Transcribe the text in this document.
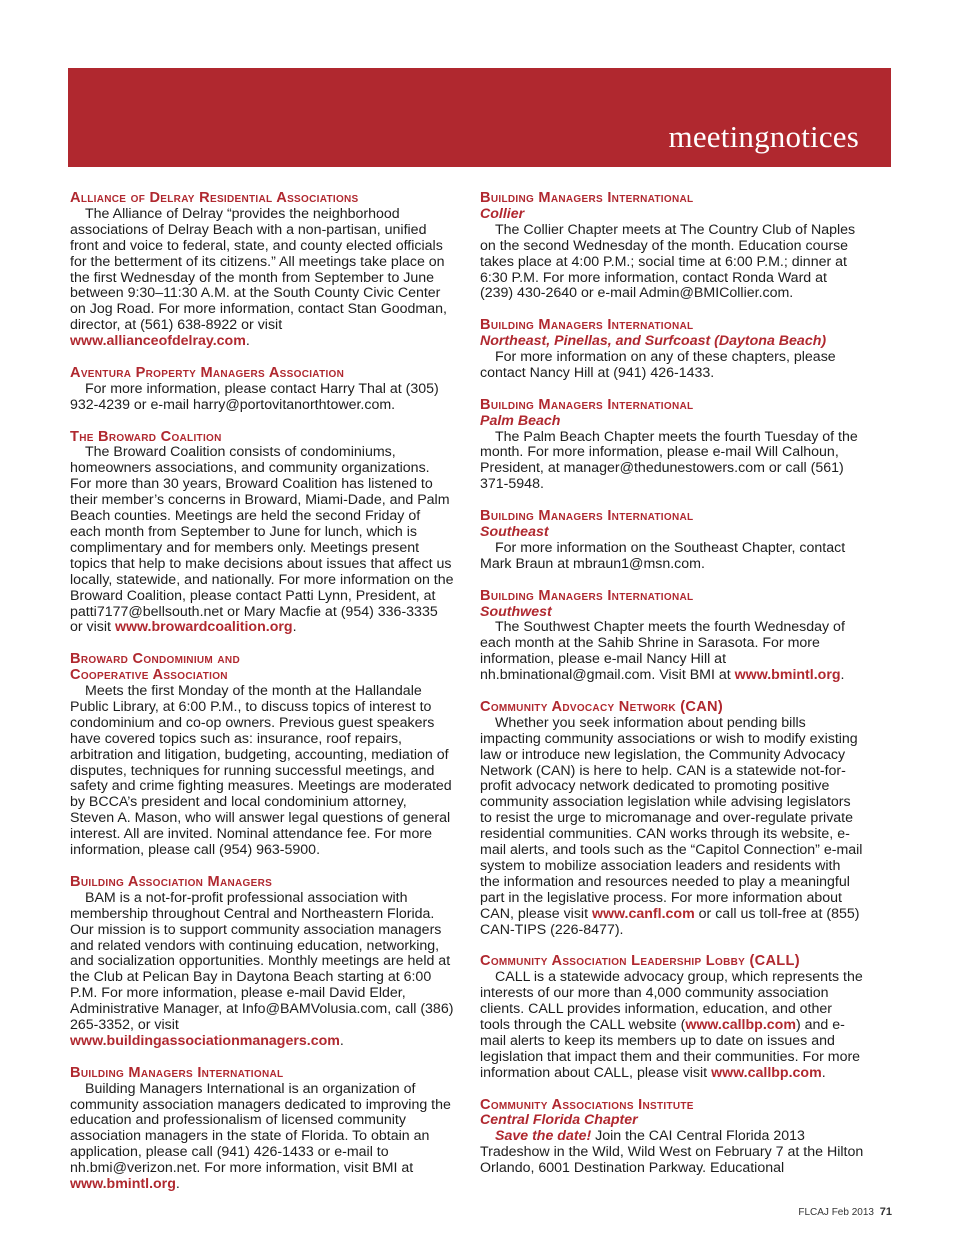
meetingnotices
Alliance of Delray Residential Associations
The Alliance of Delray “provides the neighborhood associations of Delray Beach with a non-partisan, unified front and voice to federal, state, and county elected officials for the betterment of its citizens.” All meetings take place on the first Wednesday of the month from September to June between 9:30–11:30 A.M. at the South County Civic Center on Jog Road. For more information, contact Stan Goodman, director, at (561) 638-8922 or visit www.allianceofdelray.com.
Aventura Property Managers Association
For more information, please contact Harry Thal at (305) 932-4239 or e-mail harry@portovitanorthtower.com.
The Broward Coalition
The Broward Coalition consists of condominiums, homeowners associations, and community organizations. For more than 30 years, Broward Coalition has listened to their member’s concerns in Broward, Miami-Dade, and Palm Beach counties. Meetings are held the second Friday of each month from September to June for lunch, which is complimentary and for members only. Meetings present topics that help to make decisions about issues that affect us locally, statewide, and nationally. For more information on the Broward Coalition, please contact Patti Lynn, President, at patti7177@bellsouth.net or Mary Macfie at (954) 336-3335 or visit www.browardcoalition.org.
Broward Condominium and
Cooperative Association
Meets the first Monday of the month at the Hallandale Public Library, at 6:00 P.M., to discuss topics of interest to condominium and co-op owners. Previous guest speakers have covered topics such as: insurance, roof repairs, arbitration and litigation, budgeting, accounting, mediation of disputes, techniques for running successful meetings, and safety and crime fighting measures. Meetings are moderated by BCCA’s president and local condominium attorney, Steven A. Mason, who will answer legal questions of general interest. All are invited. Nominal attendance fee. For more information, please call (954) 963-5900.
Building Association Managers
BAM is a not-for-profit professional association with membership throughout Central and Northeastern Florida. Our mission is to support community association managers and related vendors with continuing education, networking, and socialization opportunities. Monthly meetings are held at the Club at Pelican Bay in Daytona Beach starting at 6:00 P.M. For more information, please e-mail David Elder, Administrative Manager, at Info@BAMVolusia.com, call (386) 265-3352, or visit www.buildingassociationmanagers.com.
Building Managers International
Building Managers International is an organization of community association managers dedicated to improving the education and professionalism of licensed community association managers in the state of Florida. To obtain an application, please call (941) 426-1433 or e-mail to nh.bmi@verizon.net. For more information, visit BMI at www.bmintl.org.
Building Managers International
Collier
The Collier Chapter meets at The Country Club of Naples on the second Wednesday of the month. Education course takes place at 4:00 P.M.; social time at 6:00 P.M.; dinner at 6:30 P.M. For more information, contact Ronda Ward at (239) 430-2640 or e-mail Admin@BMICollier.com.
Building Managers International
Northeast, Pinellas, and Surfcoast (Daytona Beach)
For more information on any of these chapters, please contact Nancy Hill at (941) 426-1433.
Building Managers International
Palm Beach
The Palm Beach Chapter meets the fourth Tuesday of the month. For more information, please e-mail Will Calhoun, President, at manager@thedunestowers.com or call (561) 371-5948.
Building Managers International
Southeast
For more information on the Southeast Chapter, contact Mark Braun at mbraun1@msn.com.
Building Managers International
Southwest
The Southwest Chapter meets the fourth Wednesday of each month at the Sahib Shrine in Sarasota. For more information, please e-mail Nancy Hill at nh.bminational@gmail.com. Visit BMI at www.bmintl.org.
Community Advocacy Network (CAN)
Whether you seek information about pending bills impacting community associations or wish to modify existing law or introduce new legislation, the Community Advocacy Network (CAN) is here to help. CAN is a statewide not-for-profit advocacy network dedicated to promoting positive community association legislation while advising legislators to resist the urge to micromanage and over-regulate private residential communities. CAN works through its website, e-mail alerts, and tools such as the “Capitol Connection” e-mail system to mobilize association leaders and residents with the information and resources needed to play a meaningful part in the legislative process. For more information about CAN, please visit www.canfl.com or call us toll-free at (855) CAN-TIPS (226-8477).
Community Association Leadership Lobby (CALL)
CALL is a statewide advocacy group, which represents the interests of our more than 4,000 community association clients. CALL provides information, education, and other tools through the CALL website (www.callbp.com) and e-mail alerts to keep its members up to date on issues and legislation that impact them and their communities. For more information about CALL, please visit www.callbp.com.
Community Associations Institute
Central Florida Chapter
Save the date! Join the CAI Central Florida 2013 Tradeshow in the Wild, Wild West on February 7 at the Hilton Orlando, 6001 Destination Parkway. Educational
FLCAJ Feb 2013 71
